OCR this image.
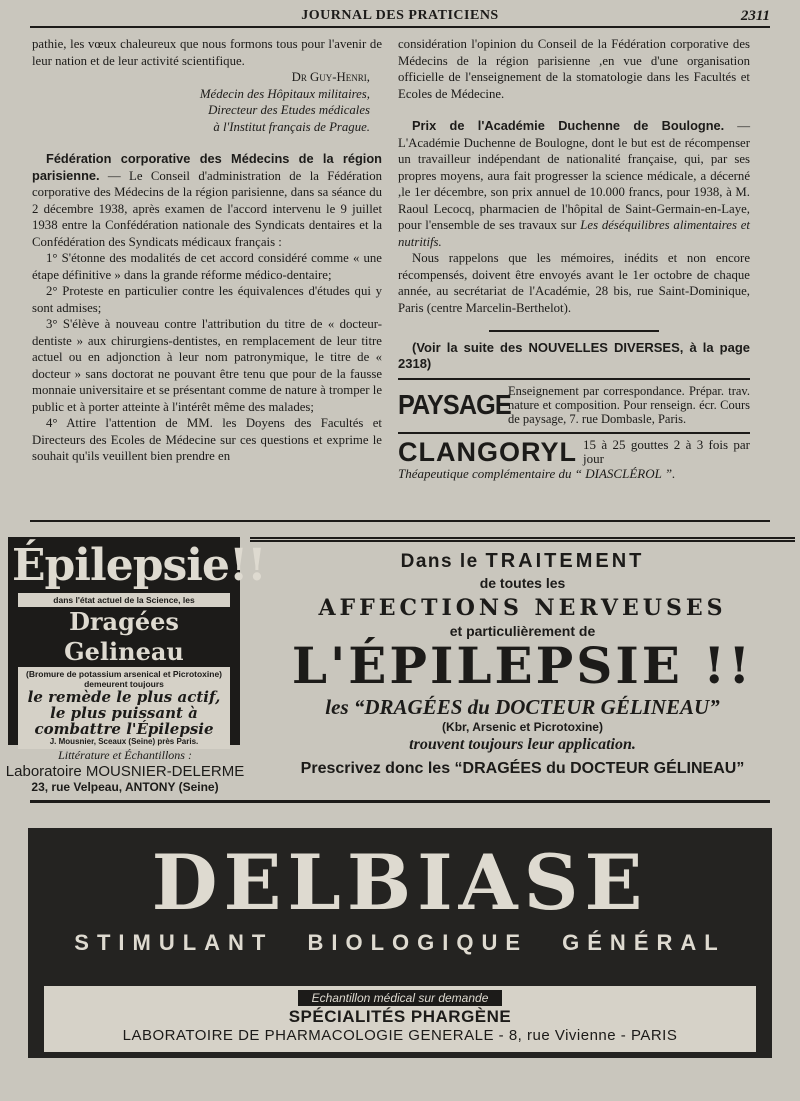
JOURNAL DES PRATICIENS	2311

pathie, les vœux chaleureux que nous formons tous pour l'avenir de leur nation et de leur activité scientifique.

Dr Guy-Henri,

Médecin des Hôpitaux militaires,

Directeur des Etudes médicales

à l'Institut français de Prague.

Fédération corporative des Médecins de la région parisienne. — Le Conseil d'administration de la Fédération corporative des Médecins de la région parisienne, dans sa séance du 2 décembre 1938, après examen de l'accord intervenu le 9 juillet 1938 entre la Confédération nationale des Syndicats dentaires et la Confédération des Syndicats médicaux français :

1° S'étonne des modalités de cet accord considéré comme « une étape définitive » dans la grande réforme médico-dentaire;

2° Proteste en particulier contre les équivalences d'études qui y sont admises;

3° S'élève à nouveau contre l'attribution du titre de « docteur-dentiste » aux chirurgiens-dentistes, en remplacement de leur titre actuel ou en adjonction à leur nom patronymique, le titre de « docteur » sans doctorat ne pouvant être tenu que pour de la fausse monnaie universitaire et se présentant comme de nature à tromper le public et à porter atteinte à l'intérêt même des malades;

4° Attire l'attention de MM. les Doyens des Facultés et Directeurs des Ecoles de Médecine sur ces questions et exprime le souhait qu'ils veuillent bien prendre en

considération l'opinion du Conseil de la Fédération corporative des Médecins de la région parisienne ,en vue d'une organisation officielle de l'enseignement de la stomatologie dans les Facultés et Ecoles de Médecine.

Prix de l'Académie Duchenne de Boulogne. — L'Académie Duchenne de Boulogne, dont le but est de récompenser un travailleur indépendant de nationalité française, qui, par ses propres moyens, aura fait progresser la science médicale, a décerné ,le 1er décembre, son prix annuel de 10.000 francs, pour 1938, à M. Raoul Lecocq, pharmacien de l'hôpital de Saint-Germain-en-Laye, pour l'ensemble de ses travaux sur Les déséquilibres alimentaires et nutritifs.

Nous rappelons que les mémoires, inédits et non encore récompensés, doivent être envoyés avant le 1er octobre de chaque année, au secrétariat de l'Académie, 28 bis, rue Saint-Dominique, Paris (centre Marcelin-Berthelot).

(Voir la suite des NOUVELLES DIVERSES, à la page 2318)

PAYSAGE
Enseignement par correspondance. Prépar. trav. nature et composition. Pour renseign. écr. Cours de paysage, 7. rue Dombasle, Paris.
CLANGORYL 15 à 25 gouttes 2 à 3 fois par jour
Théapeutique complémentaire du “ DIASCLÉROL ”.
Épilepsie!!
dans l'état actuel de la Science, les
Dragées Gelineau
(Bromure de potassium arsenical et Picrotoxine) demeurent toujours
le remède le plus actif, le plus puissant à combattre l'Épilepsie
J. Mousnier, Sceaux (Seine) près Paris.
Littérature et Échantillons :
Laboratoire MOUSNIER-DELERME
23, rue Velpeau, ANTONY (Seine)
Dans le TRAITEMENT
de toutes les
AFFECTIONS NERVEUSES
et particulièrement de
L'ÉPILEPSIE !!
les “DRAGÉES du DOCTEUR GÉLINEAU”
(Kbr, Arsenic et Picrotoxine)
trouvent toujours leur application.
Prescrivez donc les “DRAGÉES du DOCTEUR GÉLINEAU”
DELBIASE
STIMULANT BIOLOGIQUE GÉNÉRAL
Echantillon médical sur demande
SPÉCIALITÉS PHARGÈNE
LABORATOIRE DE PHARMACOLOGIE GENERALE - 8, rue Vivienne - PARIS
